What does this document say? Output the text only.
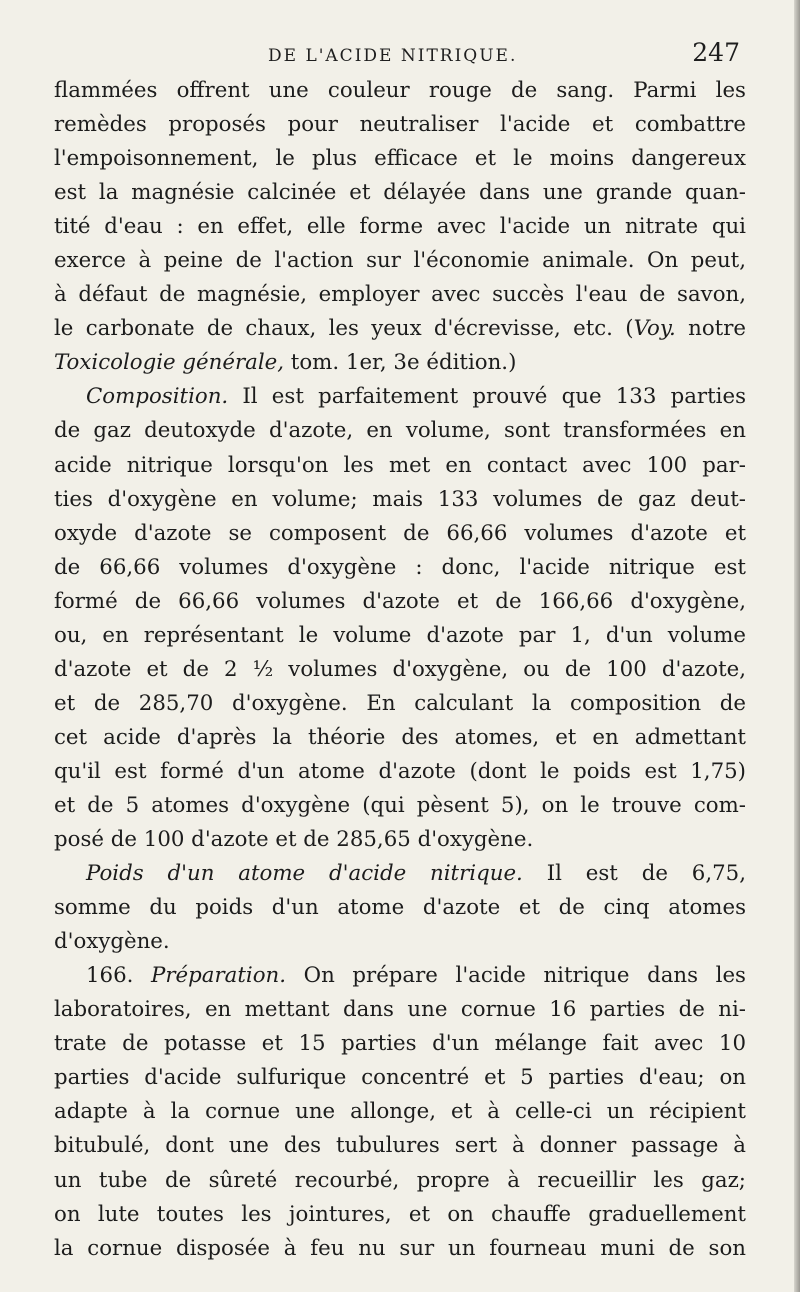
DE L'ACIDE NITRIQUE.	247
flammées offrent une couleur rouge de sang. Parmi les
remèdes proposés pour neutraliser l'acide et combattre
l'empoisonnement, le plus efficace et le moins dangereux
est la magnésie calcinée et délayée dans une grande quan-
tité d'eau : en effet, elle forme avec l'acide un nitrate qui
exerce à peine de l'action sur l'économie animale. On peut,
à défaut de magnésie, employer avec succès l'eau de savon,
le carbonate de chaux, les yeux d'écrevisse, etc. (Voy. notre
Toxicologie générale, tom. 1er, 3e édition.)
Composition. Il est parfaitement prouvé que 133 parties
de gaz deutoxyde d'azote, en volume, sont transformées en
acide nitrique lorsqu'on les met en contact avec 100 par-
ties d'oxygène en volume; mais 133 volumes de gaz deut-
oxyde d'azote se composent de 66,66 volumes d'azote et
de 66,66 volumes d'oxygène : donc, l'acide nitrique est
formé de 66,66 volumes d'azote et de 166,66 d'oxygène,
ou, en représentant le volume d'azote par 1, d'un volume
d'azote et de 2 ½ volumes d'oxygène, ou de 100 d'azote,
et de 285,70 d'oxygène. En calculant la composition de
cet acide d'après la théorie des atomes, et en admettant
qu'il est formé d'un atome d'azote (dont le poids est 1,75)
et de 5 atomes d'oxygène (qui pèsent 5), on le trouve com-
posé de 100 d'azote et de 285,65 d'oxygène.
Poids d'un atome d'acide nitrique. Il est de 6,75,
somme du poids d'un atome d'azote et de cinq atomes
d'oxygène.
166. Préparation. On prépare l'acide nitrique dans les
laboratoires, en mettant dans une cornue 16 parties de ni-
trate de potasse et 15 parties d'un mélange fait avec 10
parties d'acide sulfurique concentré et 5 parties d'eau; on
adapte à la cornue une allonge, et à celle-ci un récipient
bitubulé, dont une des tubulures sert à donner passage à
un tube de sûreté recourbé, propre à recueillir les gaz;
on lute toutes les jointures, et on chauffe graduellement
la cornue disposée à feu nu sur un fourneau muni de son
